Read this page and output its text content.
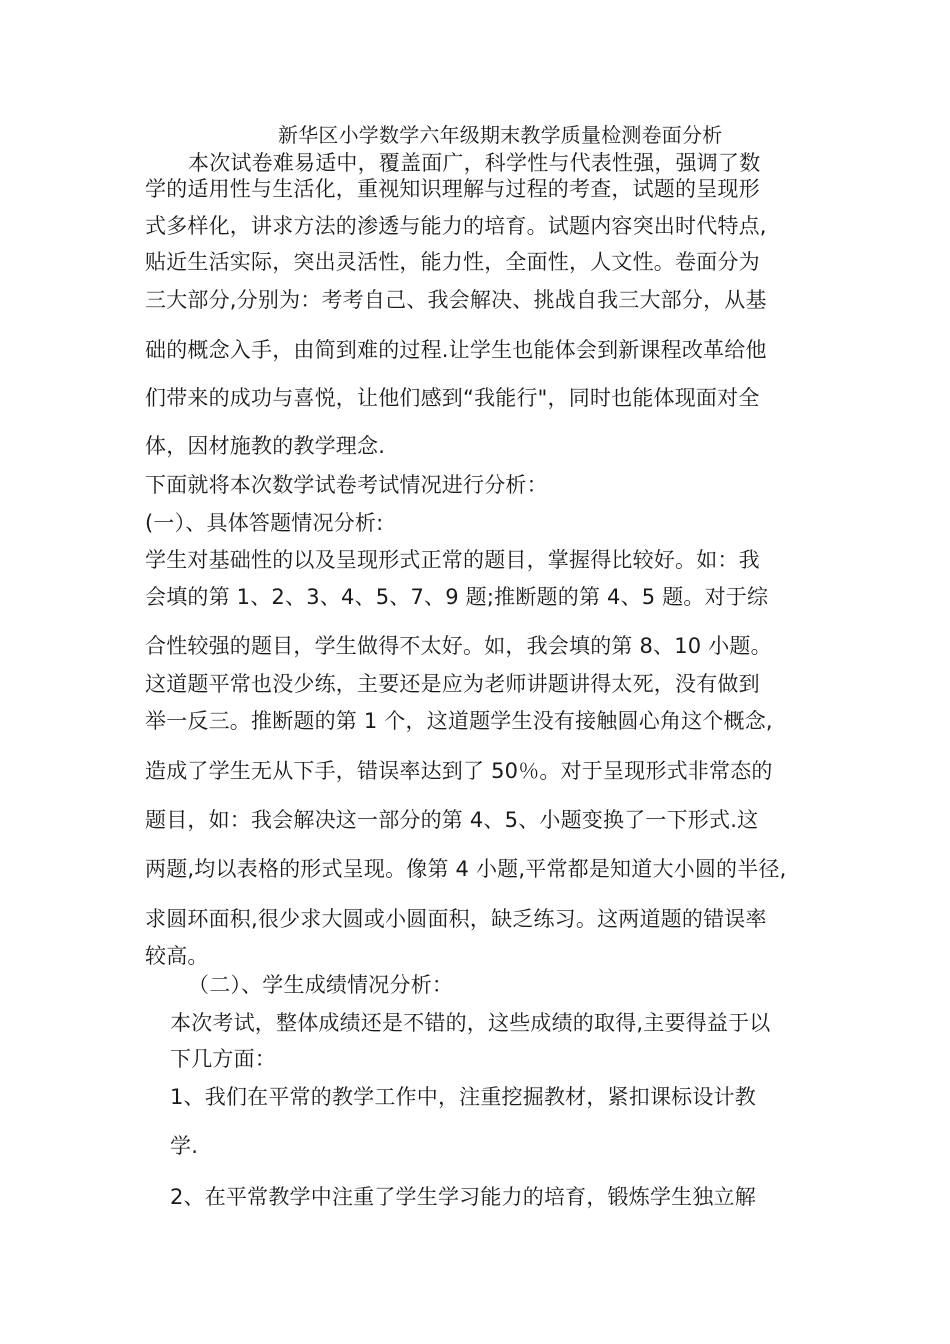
新华区小学数学六年级期末教学质量检测卷面分析
本次试卷难易适中，覆盖面广，科学性与代表性强，强调了数
学的适用性与生活化，重视知识理解与过程的考查，试题的呈现形
式多样化，讲求方法的渗透与能力的培育。试题内容突出时代特点,
贴近生活实际，突出灵活性，能力性，全面性，人文性。卷面分为
三大部分,分别为：考考自己、我会解决、挑战自我三大部分，从基
础的概念入手，由简到难的过程.让学生也能体会到新课程改革给他
们带来的成功与喜悦，让他们感到“我能行"，同时也能体现面对全
体，因材施教的教学理念.
下面就将本次数学试卷考试情况进行分析：
(一）、具体答题情况分析:
学生对基础性的以及呈现形式正常的题目，掌握得比较好。如：我
会填的第 1、2、3、4、5、7、9 题;推断题的第 4、5 题。对于综
合性较强的题目，学生做得不太好。如，我会填的第 8、10 小题。
这道题平常也没少练，主要还是应为老师讲题讲得太死，没有做到
举一反三。推断题的第 1 个，这道题学生没有接触圆心角这个概念,
造成了学生无从下手，错误率达到了 50％。对于呈现形式非常态的
题目，如：我会解决这一部分的第 4、5、小题变换了一下形式.这
两题,均以表格的形式呈现。像第 4 小题,平常都是知道大小圆的半径,
求圆环面积,很少求大圆或小圆面积，缺乏练习。这两道题的错误率
较高。
（二）、学生成绩情况分析：
本次考试，整体成绩还是不错的，这些成绩的取得,主要得益于以
下几方面：
1、我们在平常的教学工作中，注重挖掘教材，紧扣课标设计教
学.
2、在平常教学中注重了学生学习能力的培育，锻炼学生独立解
